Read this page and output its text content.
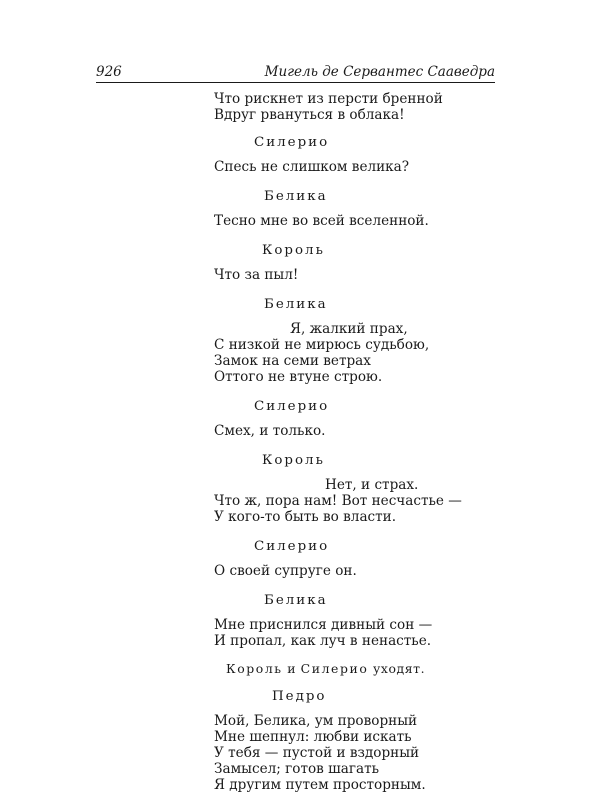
926	Мигель де Сервантес Сааведра
Что рискнет из персти бренной
Вдруг рвануться в облака!
Силерио
Спесь не слишком велика?
Белика
Тесно мне во всей вселенной.
Король
Что за пыл!
Белика
Я, жалкий прах,
С низкой не мирюсь судьбою,
Замок на семи ветрах
Оттого не втуне строю.
Силерио
Смех, и только.
Король
Нет, и страх.
Что ж, пора нам! Вот несчастье —
У кого-то быть во власти.
Силерио
О своей супруге он.
Белика
Мне приснился дивный сон —
И пропал, как луч в ненастье.
Король и Силерио уходят.
Педро
Мой, Белика, ум проворный
Мне шепнул: любви искать
У тебя — пустой и вздорный
Замысел; готов шагать
Я другим путем просторным.
